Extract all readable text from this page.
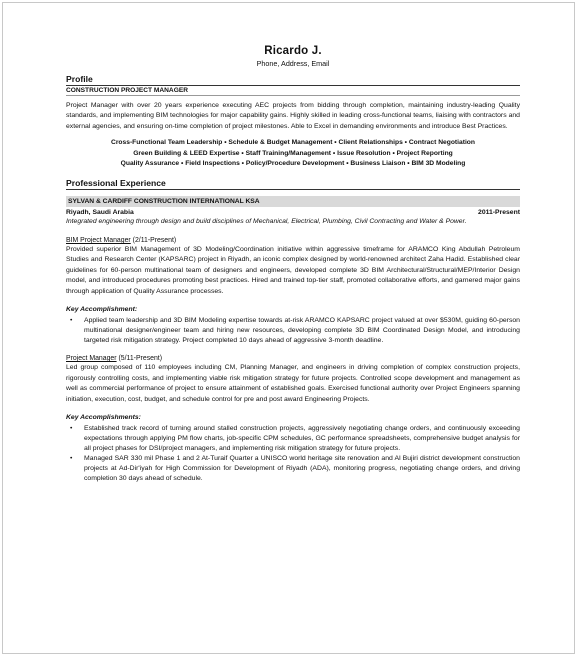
Ricardo J.
Phone, Address, Email
Profile
CONSTRUCTION PROJECT MANAGER
Project Manager with over 20 years experience executing AEC projects from bidding through completion, maintaining industry-leading Quality standards, and implementing BIM technologies for major capability gains. Highly skilled in leading cross-functional teams, liaising with contractors and external agencies, and ensuring on-time completion of project milestones. Able to Excel in demanding environments and introduce Best Practices.
Cross-Functional Team Leadership • Schedule & Budget Management • Client Relationships • Contract Negotiation
Green Building & LEED Expertise • Staff Training/Management • Issue Resolution • Project Reporting
Quality Assurance • Field Inspections • Policy/Procedure Development • Business Liaison • BIM 3D Modeling
Professional Experience
SYLVAN & CARDIFF CONSTRUCTION INTERNATIONAL KSA
Riyadh, Saudi Arabia	2011-Present
Integrated engineering through design and build disciplines of Mechanical, Electrical, Plumbing, Civil Contracting and Water & Power.
BIM Project Manager (2/11-Present)
Provided superior BIM Management of 3D Modeling/Coordination initiative within aggressive timeframe for ARAMCO King Abdullah Petroleum Studies and Research Center (KAPSARC) project in Riyadh, an iconic complex designed by world-renowned architect Zaha Hadid. Established clear guidelines for 60-person multinational team of designers and engineers, developed complete 3D BIM Architectural/Structural/MEP/Interior Design model, and introduced procedures promoting best practices. Hired and trained top-tier staff, promoted collaborative efforts, and garnered major gains through application of Quality Assurance processes.
Key Accomplishment:
• Applied team leadership and 3D BIM Modeling expertise towards at-risk ARAMCO KAPSARC project valued at over $530M, guiding 60-person multinational designer/engineer team and hiring new resources, developing complete 3D BIM Coordinated Design Model, and introducing targeted risk mitigation strategy. Project completed 10 days ahead of aggressive 3-month deadline.
Project Manager (5/11-Present)
Led group composed of 110 employees including CM, Planning Manager, and engineers in driving completion of complex construction projects, rigorously controlling costs, and implementing viable risk mitigation strategy for future projects. Controlled scope development and management as well as commercial performance of project to ensure attainment of established goals. Exercised functional authority over Project Engineers spanning initiation, execution, cost, budget, and schedule control for pre and post award Engineering Projects.
Key Accomplishments:
• Established track record of turning around stalled construction projects, aggressively negotiating change orders, and continuously exceeding expectations through applying PM flow charts, job-specific CPM schedules, GC performance spreadsheets, comprehensive budget analysis for all project phases for DSI/project managers, and implementing risk mitigation strategy for future projects.
• Managed SAR 330 mil Phase 1 and 2 At-Turaif Quarter a UNISCO world heritage site renovation and Al Bujiri district development construction projects at Ad-Dir'iyah for High Commission for Development of Riyadh (ADA), monitoring progress, negotiating change orders, and driving completion 30 days ahead of schedule.
